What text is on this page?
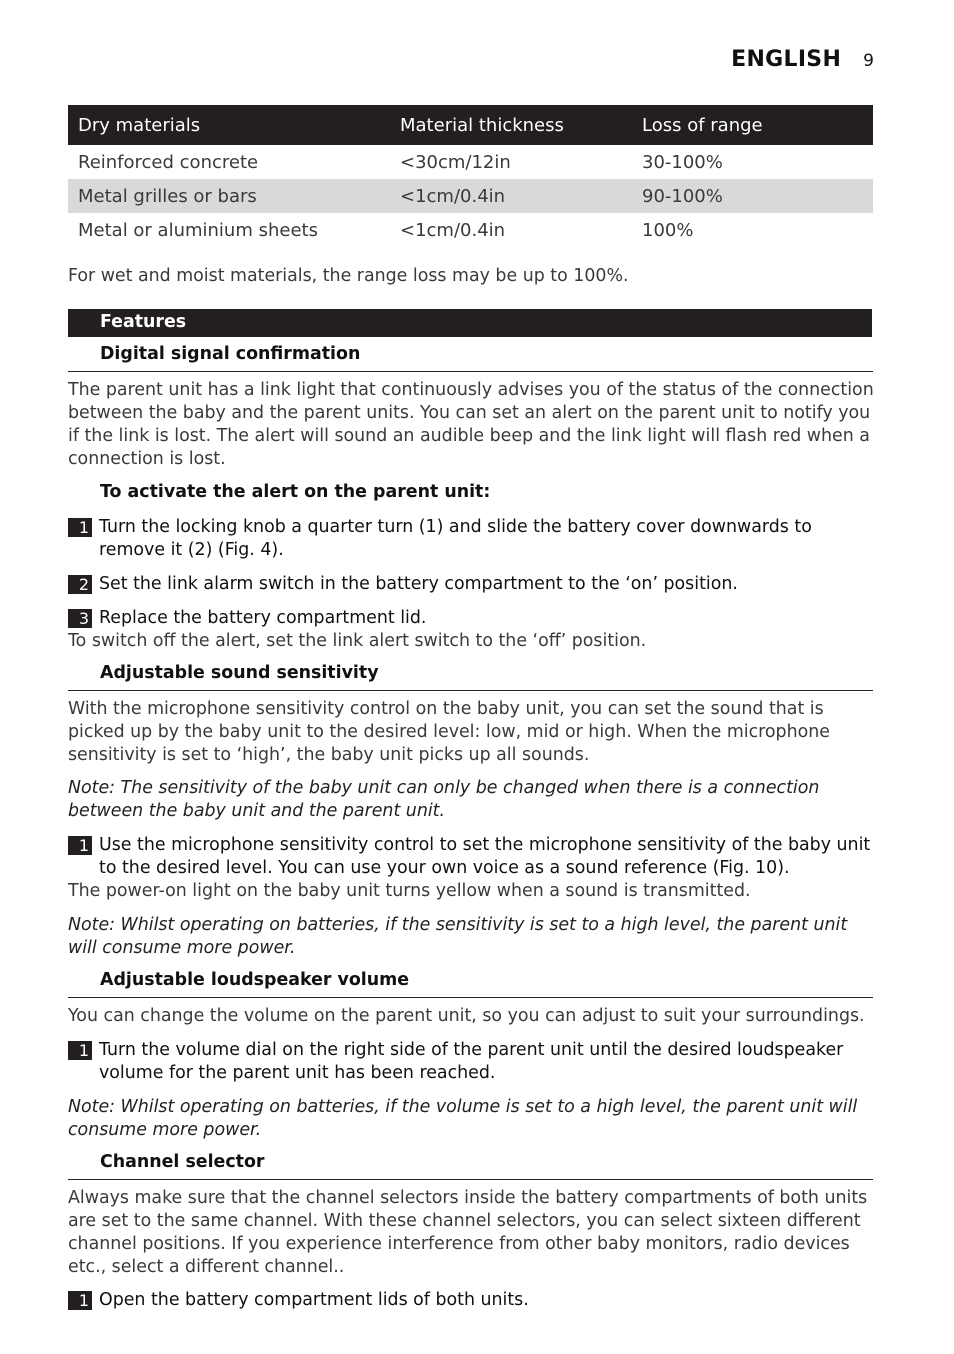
ENGLISH 9
Dry materials	Material thickness	Loss of range
Reinforced concrete	<30cm/12in	30-100%
Metal grilles or bars	<1cm/0.4in	90-100%
Metal or aluminium sheets	<1cm/0.4in	100%
For wet and moist materials, the range loss may be up to 100%.
Features
Digital signal confirmation
The parent unit has a link light that continuously advises you of the status of the connection between the baby and the parent units. You can set an alert on the parent unit to notify you if the link is lost. The alert will sound an audible beep and the link light will flash red when a connection is lost.
To activate the alert on the parent unit:
1 Turn the locking knob a quarter turn (1) and slide the battery cover downwards to remove it (2) (Fig. 4).
2 Set the link alarm switch in the battery compartment to the ‘on’ position.
3 Replace the battery compartment lid.
To switch off the alert, set the link alert switch to the ‘off’ position.
Adjustable sound sensitivity
With the microphone sensitivity control on the baby unit, you can set the sound that is picked up by the baby unit to the desired level: low, mid or high. When the microphone sensitivity is set to ‘high’, the baby unit picks up all sounds.
Note: The sensitivity of the baby unit can only be changed when there is a connection between the baby unit and the parent unit.
1 Use the microphone sensitivity control to set the microphone sensitivity of the baby unit to the desired level. You can use your own voice as a sound reference (Fig. 10).
The power-on light on the baby unit turns yellow when a sound is transmitted.
Note: Whilst operating on batteries, if the sensitivity is set to a high level, the parent unit will consume more power.
Adjustable loudspeaker volume
You can change the volume on the parent unit, so you can adjust to suit your surroundings.
1 Turn the volume dial on the right side of the parent unit until the desired loudspeaker volume for the parent unit has been reached.
Note: Whilst operating on batteries, if the volume is set to a high level, the parent unit will consume more power.
Channel selector
Always make sure that the channel selectors inside the battery compartments of both units are set to the same channel. With these channel selectors, you can select sixteen different channel positions. If you experience interference from other baby monitors, radio devices etc., select a different channel..
1 Open the battery compartment lids of both units.
